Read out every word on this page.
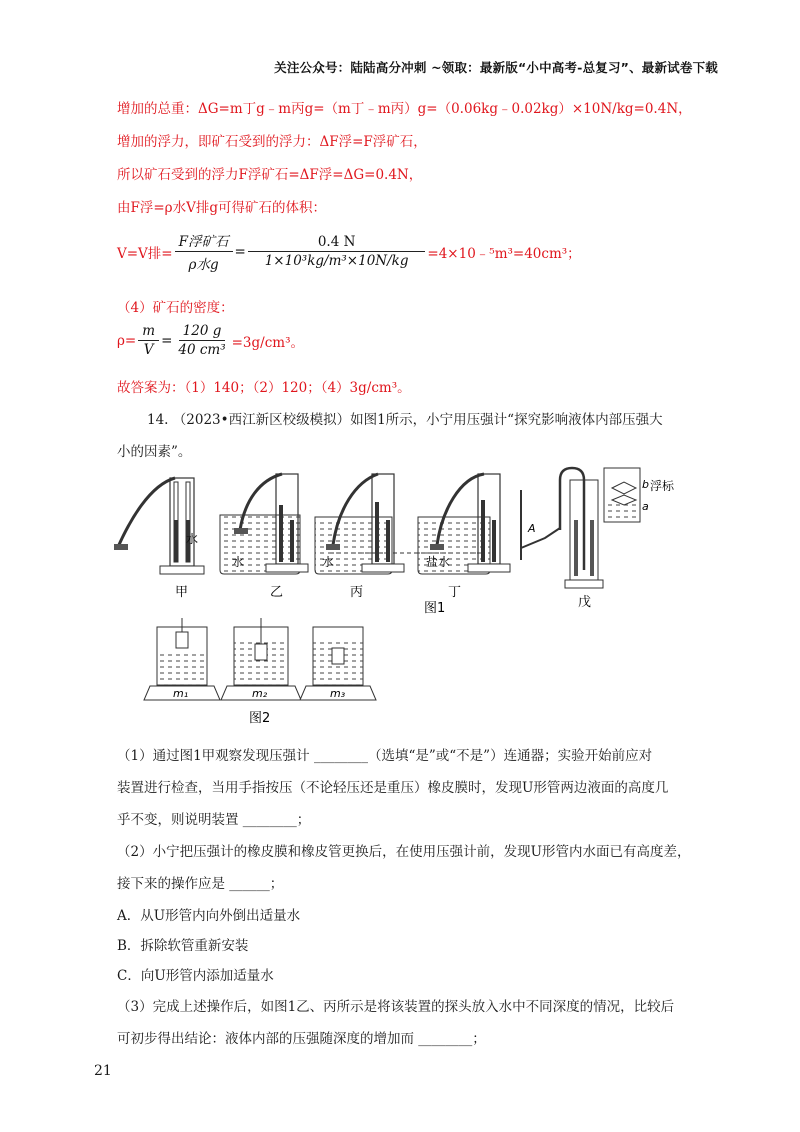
关注公众号：陆陆高分冲刺 ~领取：最新版“小中高考-总复习”、最新试卷下载
增加的总重：ΔG=m丁g﹣m丙g=（m丁﹣m丙）g=（0.06kg﹣0.02kg）×10N/kg=0.4N，
增加的浮力，即矿石受到的浮力：ΔF浮=F浮矿石，
所以矿石受到的浮力F浮矿石=ΔF浮=ΔG=0.4N，
由F浮=ρ水V排g可得矿石的体积：
V=V排= $\frac{\text{F浮矿石}}{\text{ρ水g}} = \frac{0.4 N}{\text{1×10³kg/m³×10N/kg}}$ =4×10﹣⁵m³=40cm³；
（4）矿石的密度：
$\rho= \frac{m}{V} = \frac{120 g}{\text{40 cm³}} =3g/cm^3$。
故答案为：（1）140；（2）120；（4）3g/cm³。
14. （2023•西江新区校级模拟）如图1所示，小宁用压强计“探究影响液体内部压强大
小的因素”。
水
水	水	盐水
甲	乙	丙	丁
戊
图1
浮标
A
b
a
m₁	m₂	m₃
图2
（1）通过图1甲观察发现压强计 ________（选填“是”或“不是”）连通器；实验开始前应对
装置进行检查，当用手指按压（不论轻压还是重压）橡皮膜时，发现U形管两边液面的高度几
乎不变，则说明装置 ________；
（2）小宁把压强计的橡皮膜和橡皮管更换后，在使用压强计前，发现U形管内水面已有高度差，
接下来的操作应是 ______；
A．从U形管内向外倒出适量水
B．拆除软管重新安装
C．向U形管内添加适量水
（3）完成上述操作后，如图1乙、丙所示是将该装置的探头放入水中不同深度的情况，比较后
可初步得出结论：液体内部的压强随深度的增加而 ________；
21
